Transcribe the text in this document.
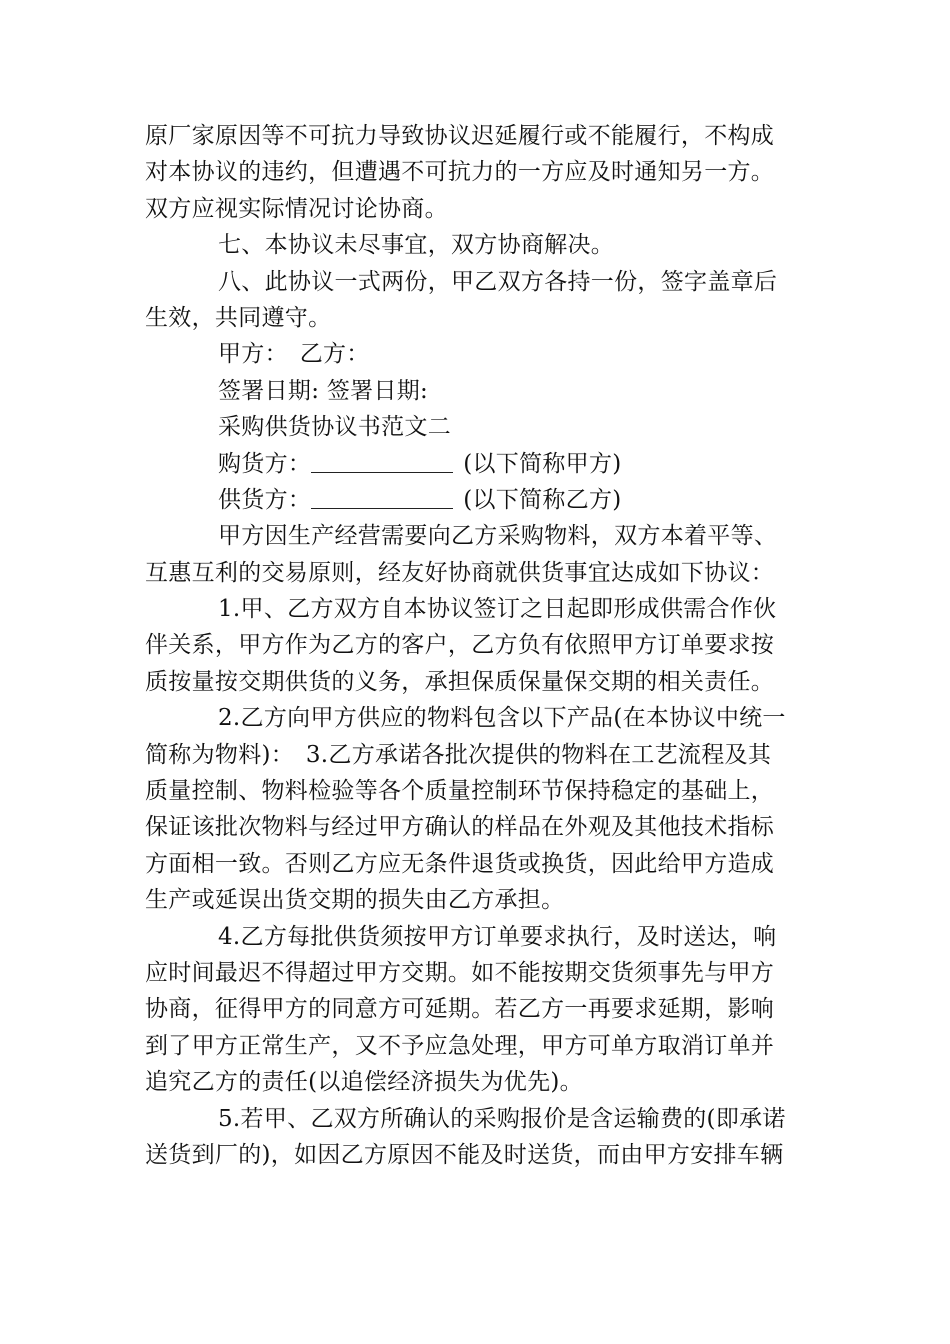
原厂家原因等不可抗力导致协议迟延履行或不能履行，不构成
对本协议的违约，但遭遇不可抗力的一方应及时通知另一方。
双方应视实际情况讨论协商。
七、本协议未尽事宜，双方协商解决。
八、此协议一式两份，甲乙双方各持一份，签字盖章后
生效，共同遵守。
甲方：　乙方：
签署日期: 签署日期:
采购供货协议书范文二
购货方：	(以下简称甲方)
供货方：	(以下简称乙方)
甲方因生产经营需要向乙方采购物料，双方本着平等、
互惠互利的交易原则，经友好协商就供货事宜达成如下协议：
1.甲、乙方双方自本协议签订之日起即形成供需合作伙
伴关系，甲方作为乙方的客户，乙方负有依照甲方订单要求按
质按量按交期供货的义务，承担保质保量保交期的相关责任。
2.乙方向甲方供应的物料包含以下产品(在本协议中统一
简称为物料)：　3.乙方承诺各批次提供的物料在工艺流程及其
质量控制、物料检验等各个质量控制环节保持稳定的基础上，
保证该批次物料与经过甲方确认的样品在外观及其他技术指标
方面相一致。否则乙方应无条件退货或换货，因此给甲方造成
生产或延误出货交期的损失由乙方承担。
4.乙方每批供货须按甲方订单要求执行，及时送达，响
应时间最迟不得超过甲方交期。如不能按期交货须事先与甲方
协商，征得甲方的同意方可延期。若乙方一再要求延期，影响
到了甲方正常生产，又不予应急处理，甲方可单方取消订单并
追究乙方的责任(以追偿经济损失为优先)。
5.若甲、乙双方所确认的采购报价是含运输费的(即承诺
送货到厂的)，如因乙方原因不能及时送货，而由甲方安排车辆
